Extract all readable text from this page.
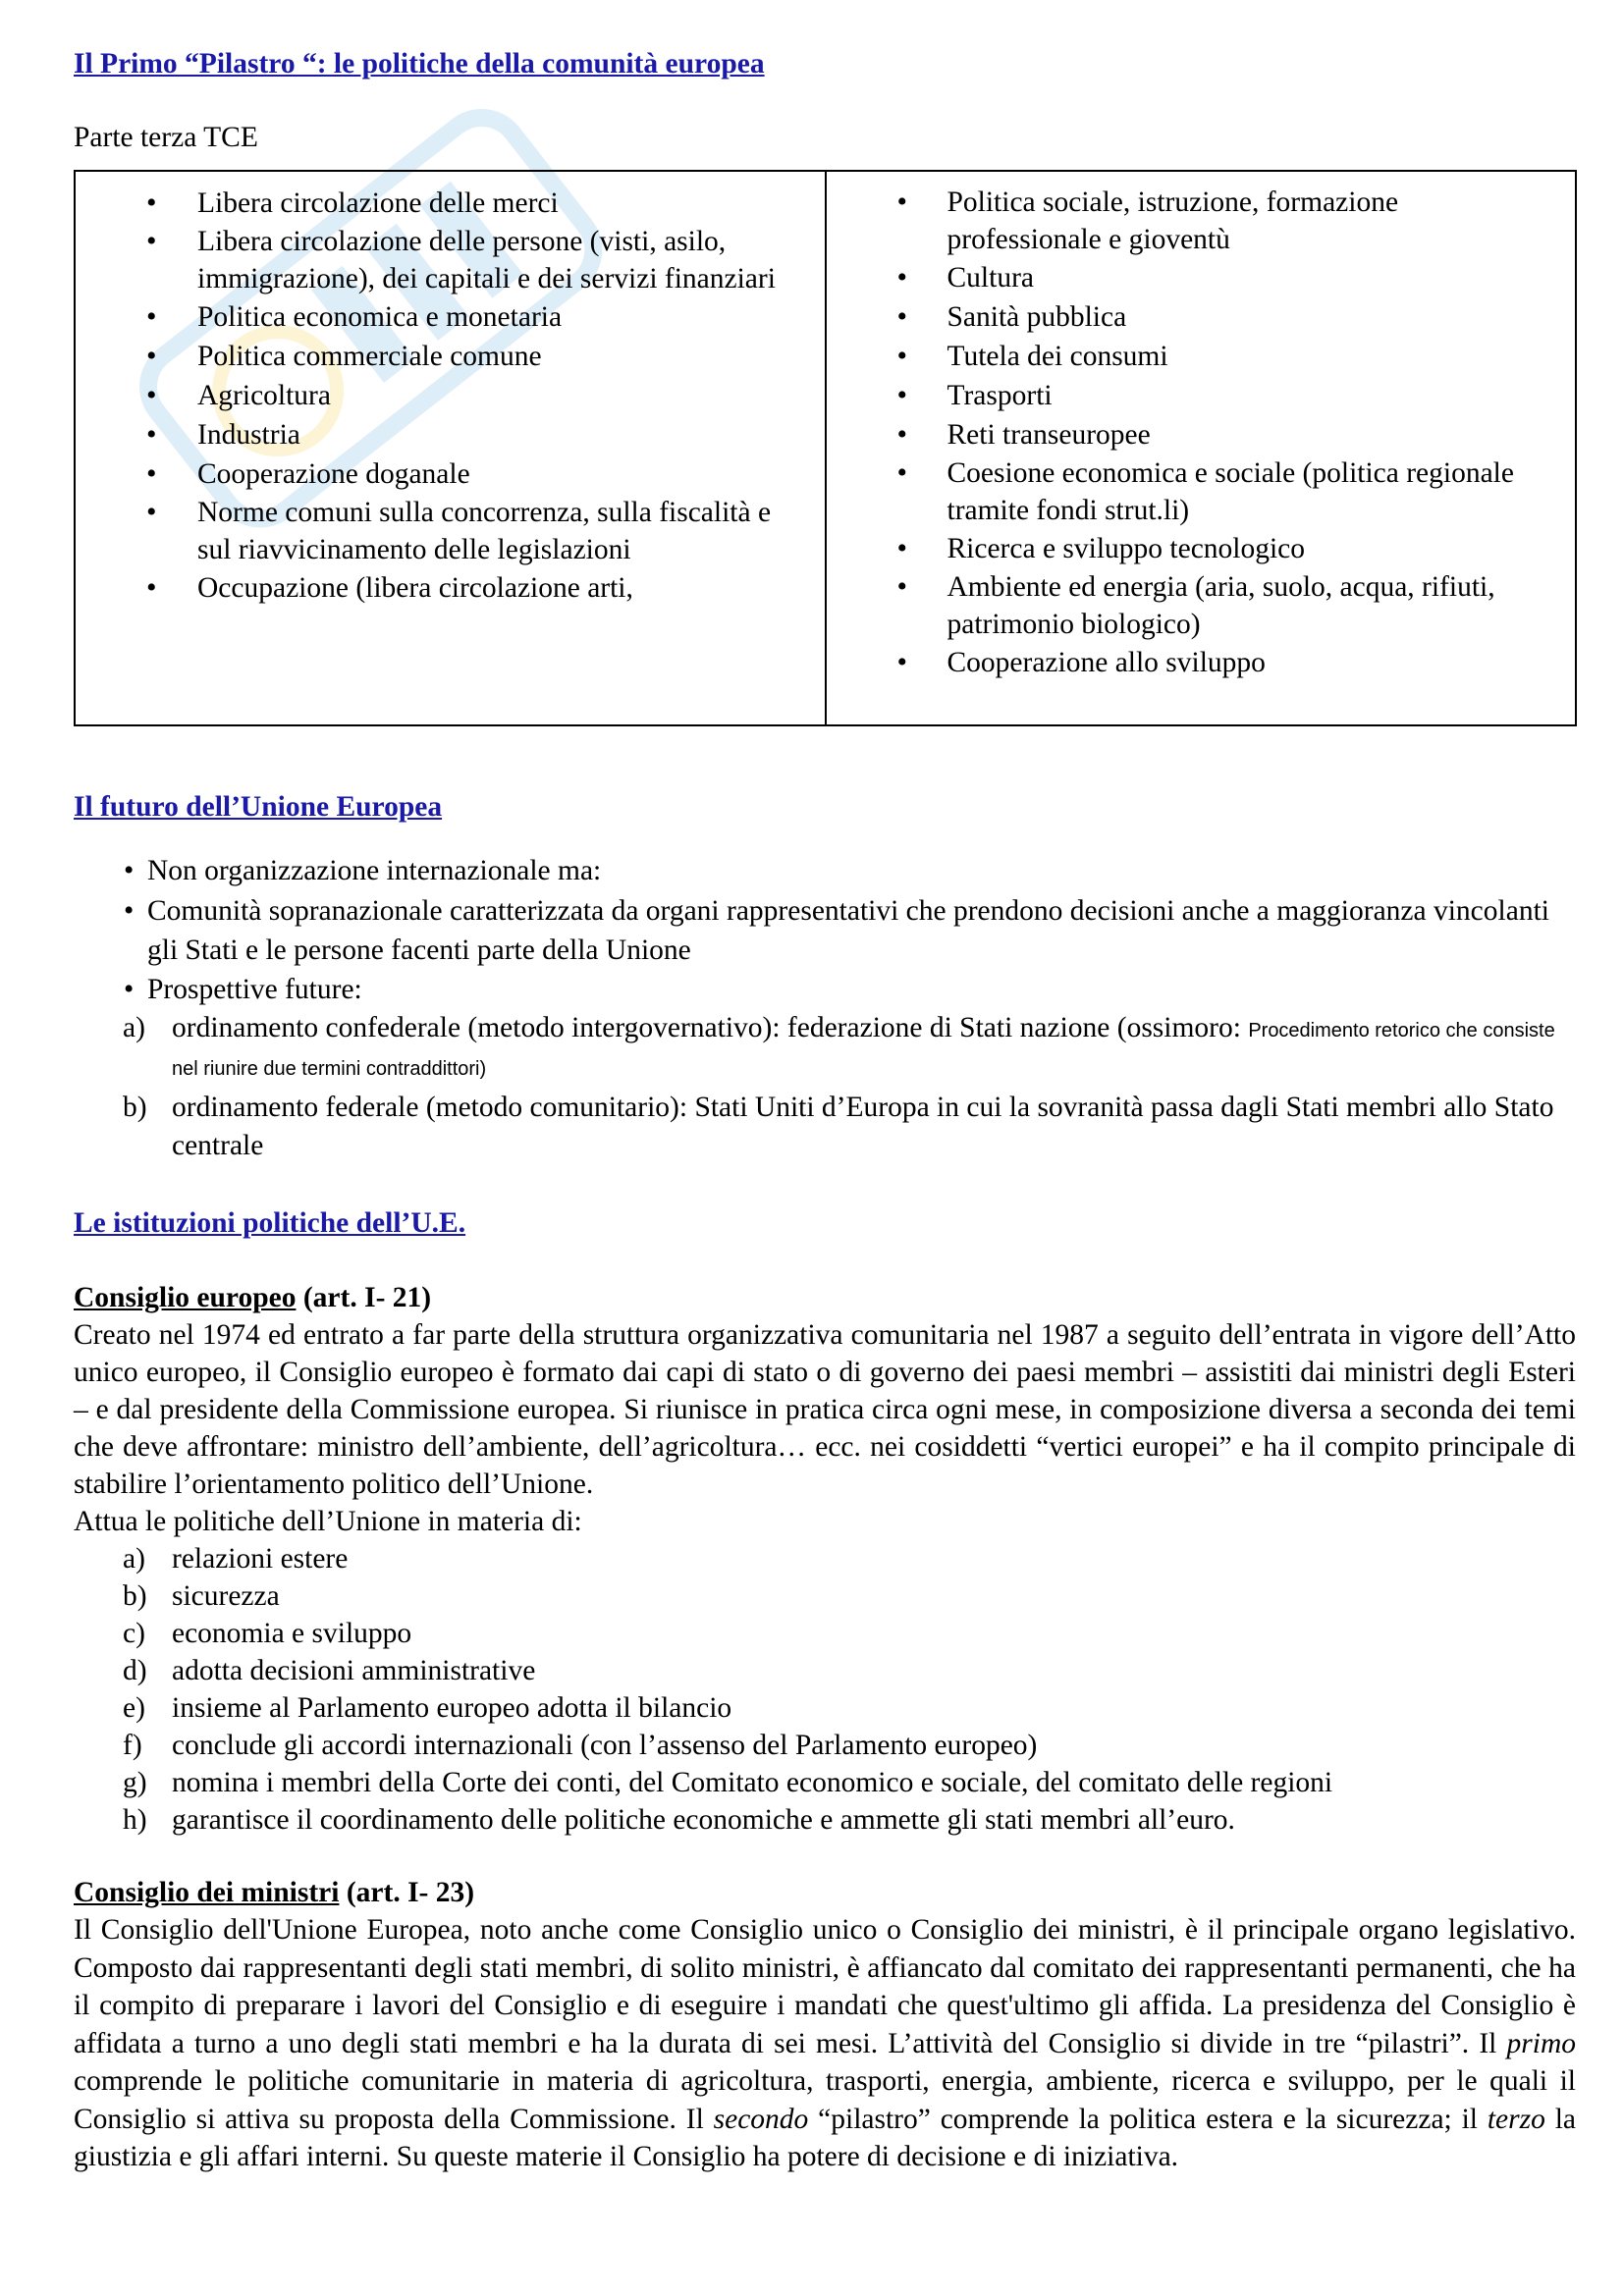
Il Primo “Pilastro “: le politiche della comunità europea

Parte terza TCE

• Libera circolazione delle merci
• Libera circolazione delle persone (visti, asilo, immigrazione), dei capitali e dei servizi finanziari
• Politica economica e monetaria
• Politica commerciale comune
• Agricoltura
• Industria
• Cooperazione doganale
• Norme comuni sulla concorrenza, sulla fiscalità e sul riavvicinamento delle legislazioni
• Occupazione (libera circolazione arti,

• Politica sociale, istruzione, formazione professionale e gioventù
• Cultura
• Sanità pubblica
• Tutela dei consumi
• Trasporti
• Reti transeuropee
• Coesione economica e sociale (politica regionale tramite fondi strut.li)
• Ricerca e sviluppo tecnologico
• Ambiente ed energia (aria, suolo, acqua, rifiuti, patrimonio biologico)
• Cooperazione allo sviluppo
Il futuro dell’Unione Europea
• Non organizzazione internazionale ma:
• Comunità sopranazionale caratterizzata da organi rappresentativi che prendono decisioni anche a maggioranza vincolanti gli Stati e le persone facenti parte della Unione
• Prospettive future:
a) ordinamento confederale (metodo intergovernativo): federazione di Stati nazione (ossimoro: Procedimento retorico che consiste nel riunire due termini contraddittori)
b) ordinamento federale (metodo comunitario): Stati Uniti d’Europa in cui la sovranità passa dagli Stati membri allo Stato centrale
Le istituzioni politiche dell’U.E.

Consiglio europeo (art. I- 21)

Creato nel 1974 ed entrato a far parte della struttura organizzativa comunitaria nel 1987 a seguito dell’entrata in vigore dell’Atto unico europeo, il Consiglio europeo è formato dai capi di stato o di governo dei paesi membri – assistiti dai ministri degli Esteri – e dal presidente della Commissione europea. Si riunisce in pratica circa ogni mese, in composizione diversa a seconda dei temi che deve affrontare: ministro dell’ambiente, dell’agricoltura… ecc. nei cosiddetti “vertici europei” e ha il compito principale di stabilire l’orientamento politico dell’Unione.

Attua le politiche dell’Unione in materia di:

a) relazioni estere
b) sicurezza
c) economia e sviluppo
d) adotta decisioni amministrative
e) insieme al Parlamento europeo adotta il bilancio
f) conclude gli accordi internazionali (con l’assenso del Parlamento europeo)
g) nomina i membri della Corte dei conti, del Comitato economico e sociale, del comitato delle regioni
h) garantisce il coordinamento delle politiche economiche e ammette gli stati membri all’euro.

Consiglio dei ministri (art. I- 23)

Il Consiglio dell'Unione Europea, noto anche come Consiglio unico o Consiglio dei ministri, è il principale organo legislativo. Composto dai rappresentanti degli stati membri, di solito ministri, è affiancato dal comitato dei rappresentanti permanenti, che ha il compito di preparare i lavori del Consiglio e di eseguire i mandati che quest'ultimo gli affida. La presidenza del Consiglio è affidata a turno a uno degli stati membri e ha la durata di sei mesi. L’attività del Consiglio si divide in tre “pilastri”. Il primo comprende le politiche comunitarie in materia di agricoltura, trasporti, energia, ambiente, ricerca e sviluppo, per le quali il Consiglio si attiva su proposta della Commissione. Il secondo “pilastro” comprende la politica estera e la sicurezza; il terzo la giustizia e gli affari interni. Su queste materie il Consiglio ha potere di decisione e di iniziativa.
